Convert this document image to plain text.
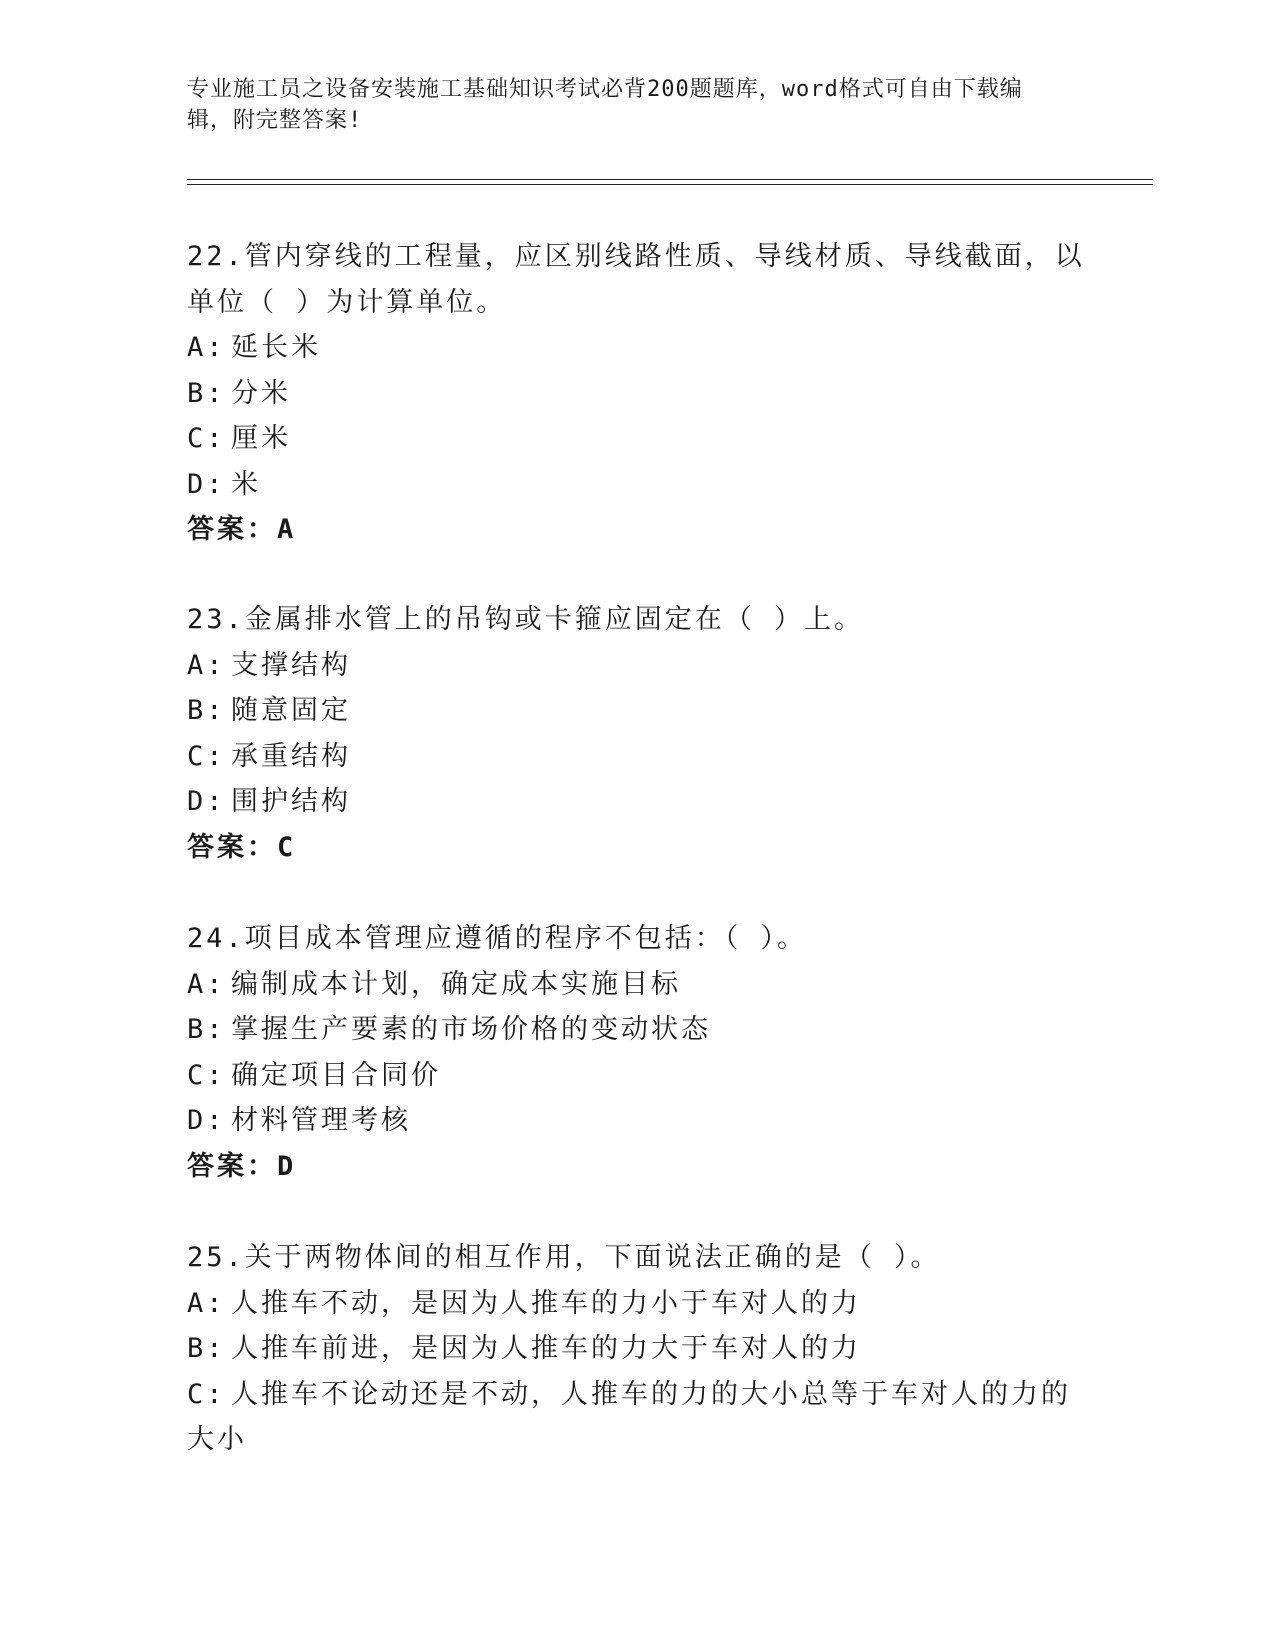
专业施工员之设备安装施工基础知识考试必背200题题库，word格式可自由下载编辑，附完整答案!

22.管内穿线的工程量，应区别线路性质、导线材质、导线截面，以单位（ ）为计算单位。

A: 延长米

B: 分米

C: 厘米

D: 米

答案：A

23.金属排水管上的吊钩或卡箍应固定在（ ）上。

A: 支撑结构

B: 随意固定

C: 承重结构

D: 围护结构

答案：C

24.项目成本管理应遵循的程序不包括：（ ）。

A: 编制成本计划，确定成本实施目标

B: 掌握生产要素的市场价格的变动状态

C: 确定项目合同价

D: 材料管理考核

答案：D

25.关于两物体间的相互作用，下面说法正确的是（ ）。

A: 人推车不动，是因为人推车的力小于车对人的力

B: 人推车前进，是因为人推车的力大于车对人的力

C: 人推车不论动还是不动，人推车的力的大小总等于车对人的力的大小
